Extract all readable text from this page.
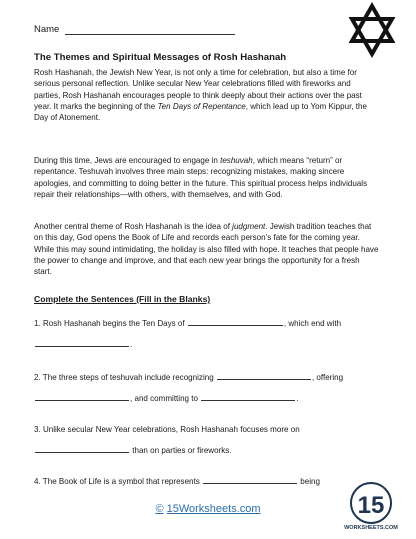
Name
The Themes and Spiritual Messages of Rosh Hashanah

Rosh Hashanah, the Jewish New Year, is not only a time for celebration, but also a time for serious personal reflection. Unlike secular New Year celebrations filled with fireworks and parties, Rosh Hashanah encourages people to think deeply about their actions over the past year. It marks the beginning of the Ten Days of Repentance, which lead up to Yom Kippur, the Day of Atonement.

During this time, Jews are encouraged to engage in teshuvah, which means “return” or repentance. Teshuvah involves three main steps: recognizing mistakes, making sincere apologies, and committing to doing better in the future. This spiritual process helps individuals repair their relationships—with others, with themselves, and with God.

Another central theme of Rosh Hashanah is the idea of judgment. Jewish tradition teaches that on this day, God opens the Book of Life and records each person’s fate for the coming year. While this may sound intimidating, the holiday is also filled with hope. It teaches that people have the power to change and improve, and that each new year brings the opportunity for a fresh start.

Complete the Sentences (Fill in the Blanks)
1. Rosh Hashanah begins the Ten Days of	, which end with
.
2. The three steps of teshuvah include recognizing	, offering
, and committing to	.
3. Unlike secular New Year celebrations, Rosh Hashanah focuses more on
than on parties or fireworks.
4. The Book of Life is a symbol that represents	being
© 15Worksheets.com	15
WORKSHEETS.COM
